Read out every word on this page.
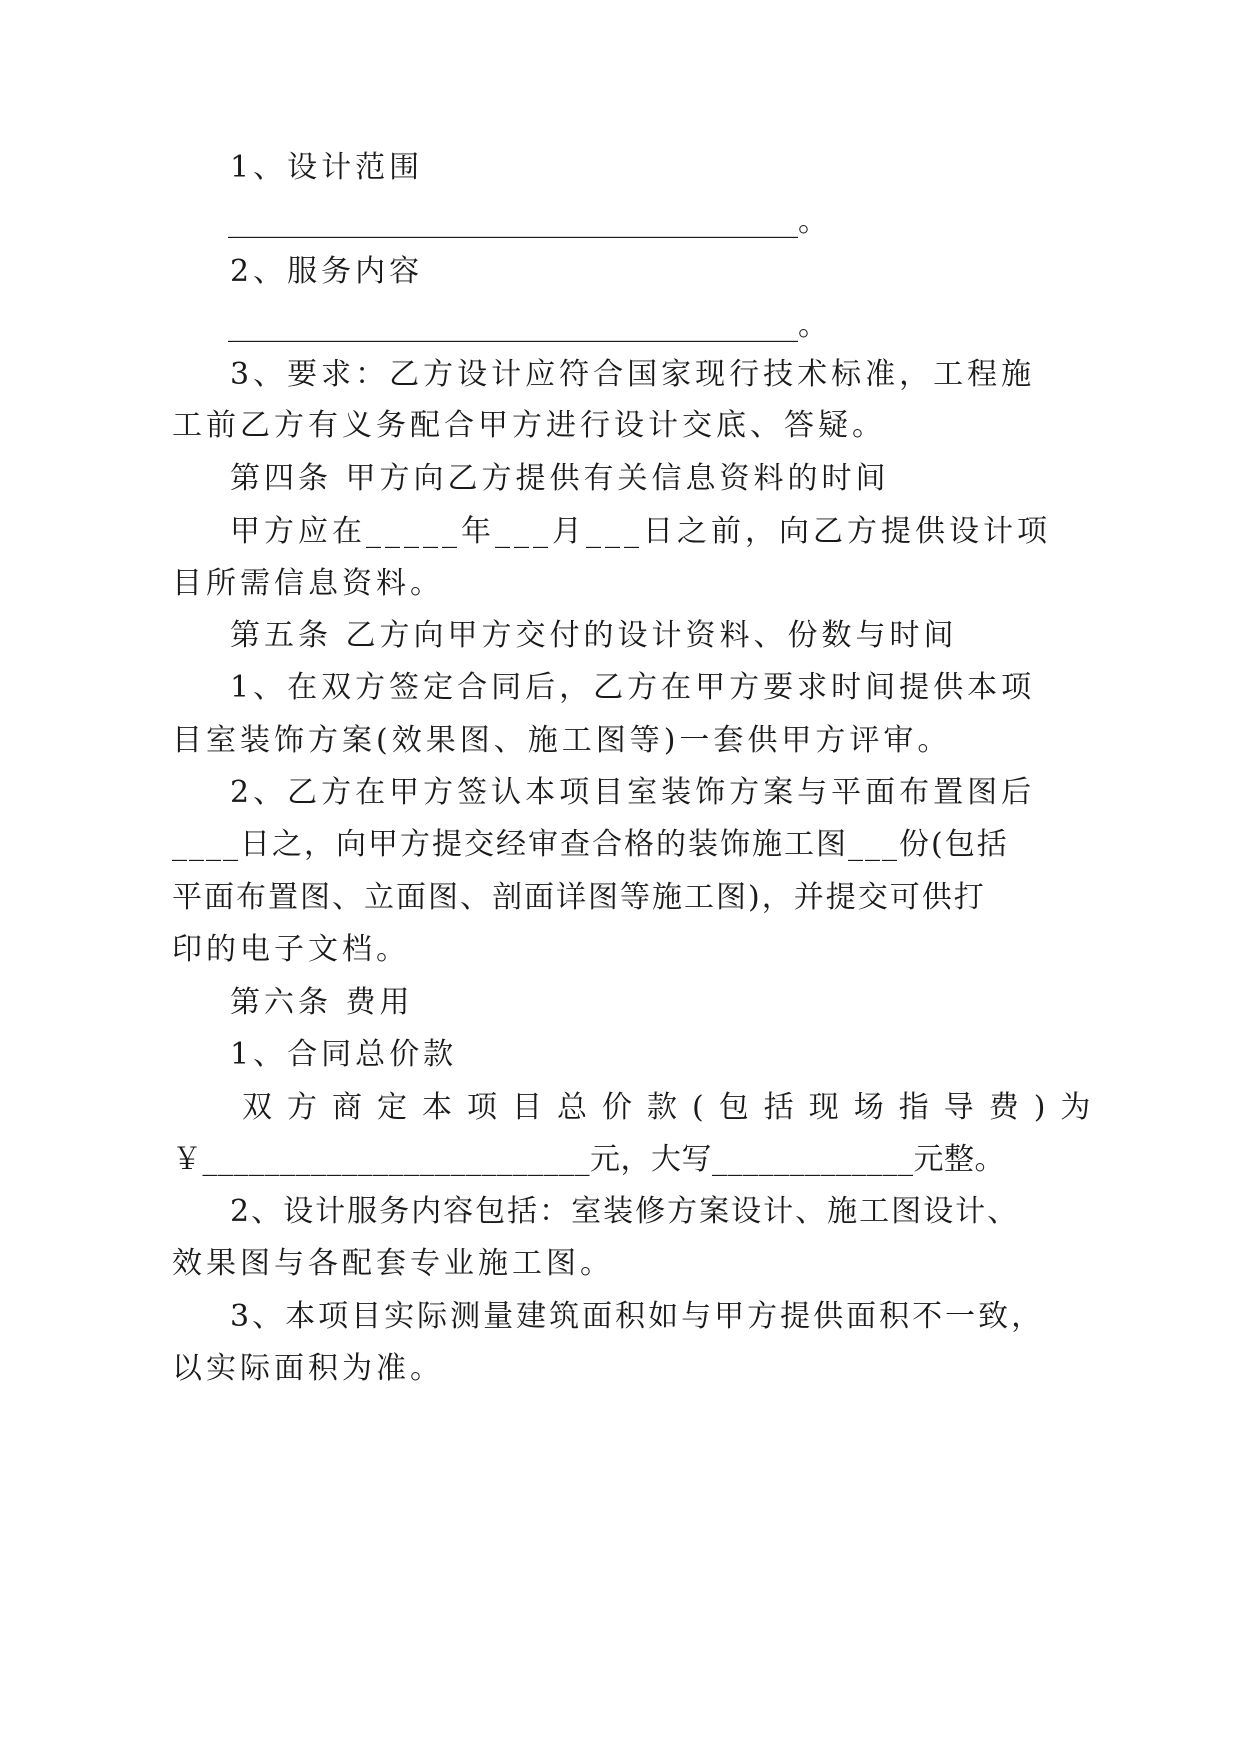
1、设计范围
______________________________________。
2、服务内容
______________________________________。
3、要求：乙方设计应符合国家现行技术标准，工程施
工前乙方有义务配合甲方进行设计交底、答疑。
第四条 甲方向乙方提供有关信息资料的时间
甲方应在_____年___月___日之前，向乙方提供设计项
目所需信息资料。
第五条 乙方向甲方交付的设计资料、份数与时间
1、在双方签定合同后，乙方在甲方要求时间提供本项
目室装饰方案(效果图、施工图等)一套供甲方评审。
2、乙方在甲方签认本项目室装饰方案与平面布置图后
____日之，向甲方提交经审查合格的装饰施工图___份(包括
平面布置图、立面图、剖面详图等施工图)，并提交可供打
印的电子文档。
第六条 费用
1、合同总价款
双方商定本项目总价款(包括现场指导费)为
￥_________________________元，大写_____________元整。
2、设计服务内容包括：室装修方案设计、施工图设计、
效果图与各配套专业施工图。
3、本项目实际测量建筑面积如与甲方提供面积不一致，
以实际面积为准。
